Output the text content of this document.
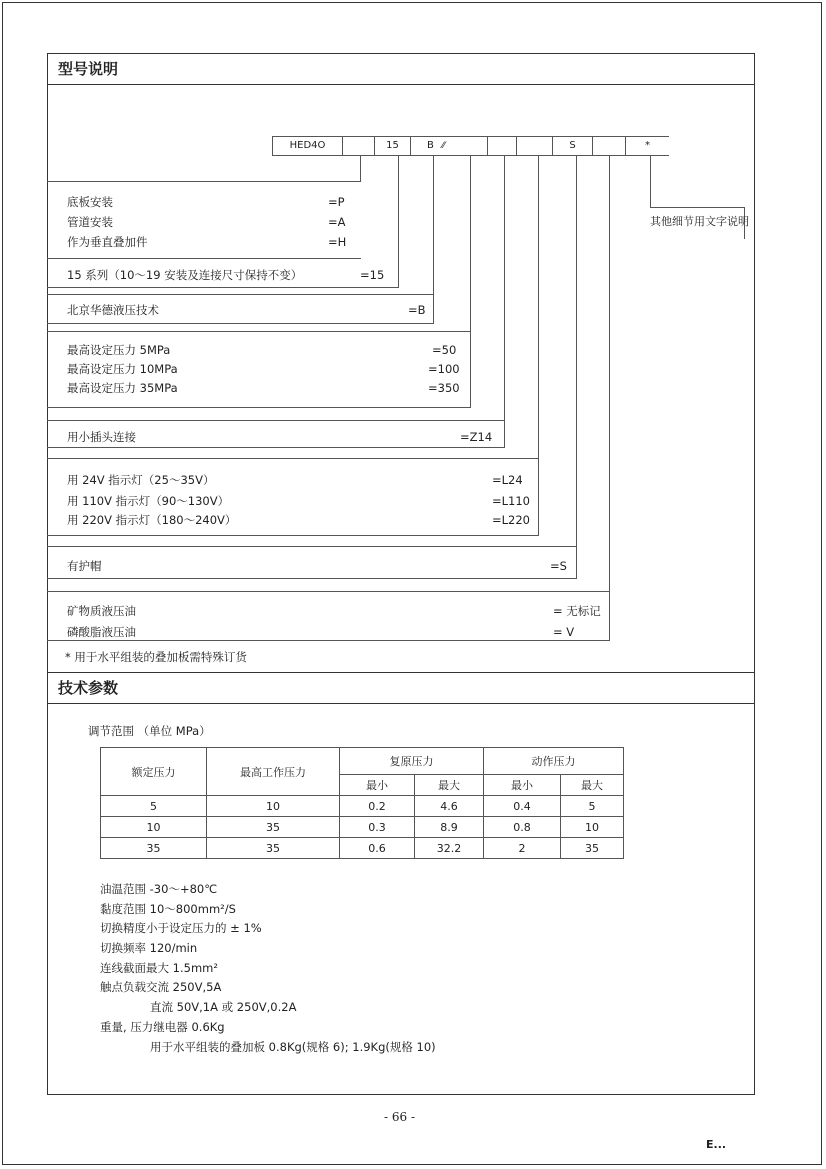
型号说明
HED4O	15	B ⁄⁄	S	*
其他细节用文字说明
底板安装	=P
管道安装	=A
作为垂直叠加件	=H
15 系列（10～19 安装及连接尺寸保持不变）	=15
北京华德液压技术	=B
最高设定压力 5MPa	=50
最高设定压力 10MPa	=100
最高设定压力 35MPa	=350
用小插头连接	=Z14
用 24V 指示灯（25～35V）	=L24
用 110V 指示灯（90～130V）	=L110
用 220V 指示灯（180～240V）	=L220
有护帽	=S
矿物质液压油	= 无标记
磷酸脂液压油	= V
* 用于水平组装的叠加板需特殊订货
技术参数
调节范围 （单位 MPa）
额定压力	最高工作压力	复原压力		动作压力	
		最小	最大	最小	最大
5	10	0.2	4.6	0.4	5
10	35	0.3	8.9	0.8	10
35	35	0.6	32.2	2	35
油温范围 -30～+80℃
黏度范围 10～800mm²/S
切换精度小于设定压力的 ± 1%
切换频率 120/min
连线截面最大 1.5mm²
触点负载交流 250V,5A
直流 50V,1A 或 250V,0.2A
重量, 压力继电器 0.6Kg
用于水平组装的叠加板 0.8Kg(规格 6); 1.9Kg(规格 10)
- 66 -
E...
